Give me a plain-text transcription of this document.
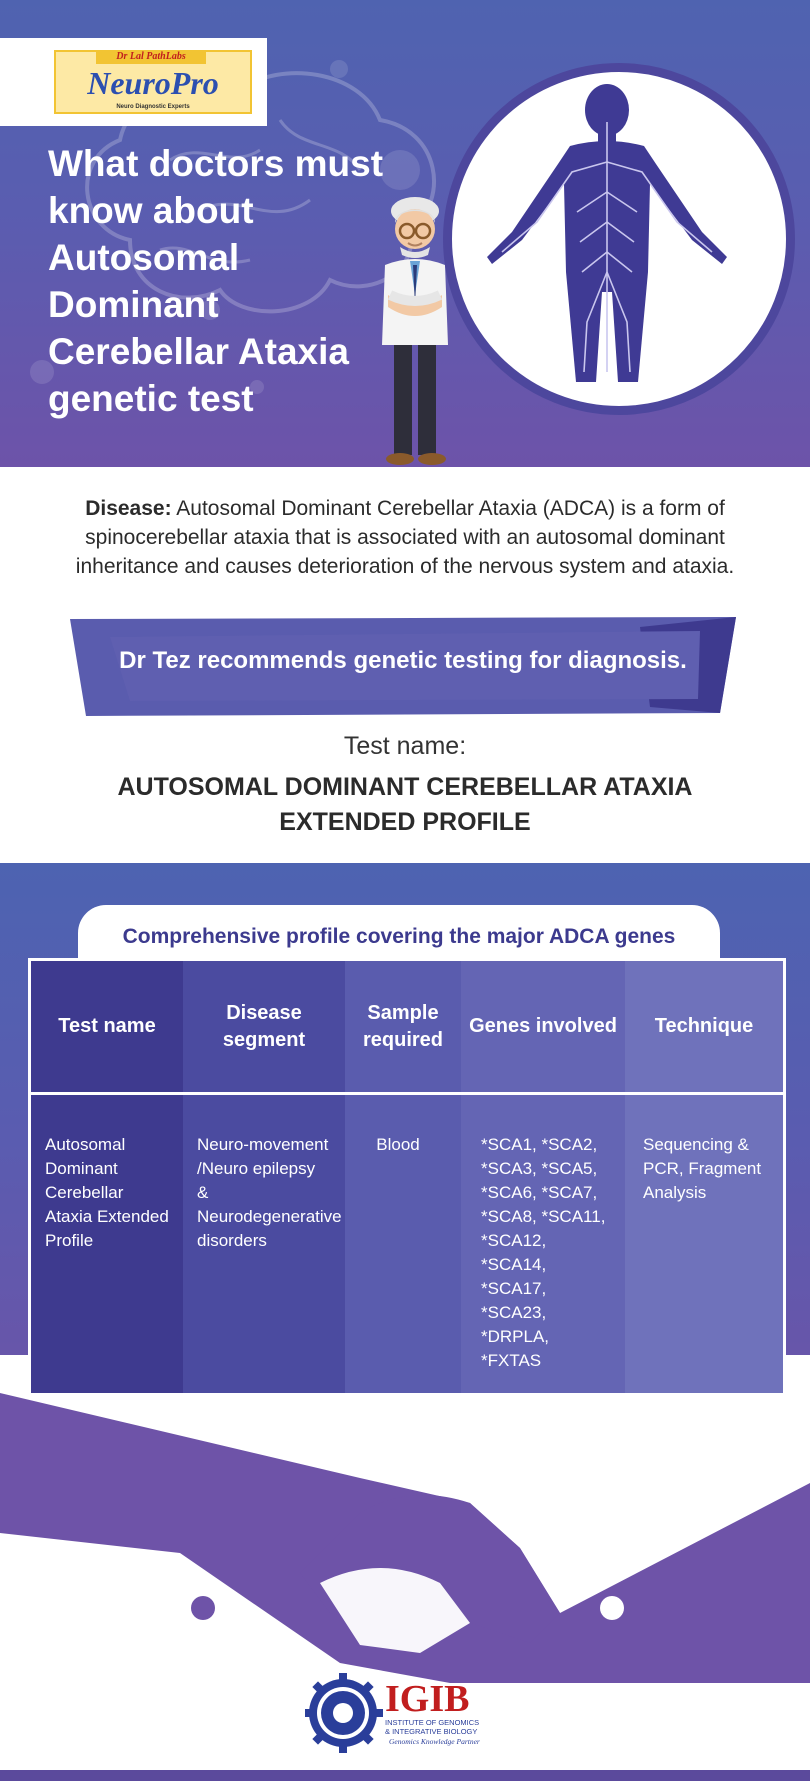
Dr Lal PathLabs
NeuroPro
Neuro Diagnostic Experts
What doctors must know about Autosomal Dominant Cerebellar Ataxia genetic test

Disease: Autosomal Dominant Cerebellar Ataxia (ADCA) is a form of spinocerebellar ataxia that is associated with an autosomal dominant inheritance and causes deterioration of the nervous system and ataxia.

Dr Tez recommends genetic testing for diagnosis.
Test name:
AUTOSOMAL DOMINANT CEREBELLAR ATAXIA
EXTENDED PROFILE
Comprehensive profile covering the major ADCA genes
Test name
Autosomal Dominant Cerebellar Ataxia Extended Profile
Disease segment
Neuro-movement /Neuro epilepsy & Neurodegenerative disorders
Sample required
Blood
Genes involved
*SCA1, *SCA2,
*SCA3, *SCA5,
*SCA6, *SCA7,
*SCA8, *SCA11,
*SCA12,
*SCA14,
*SCA17,
*SCA23,
*DRPLA,
*FXTAS
Technique
Sequencing & PCR, Fragment Analysis
IGIB
INSTITUTE OF GENOMICS
& INTEGRATIVE BIOLOGY
Genomics Knowledge Partner
